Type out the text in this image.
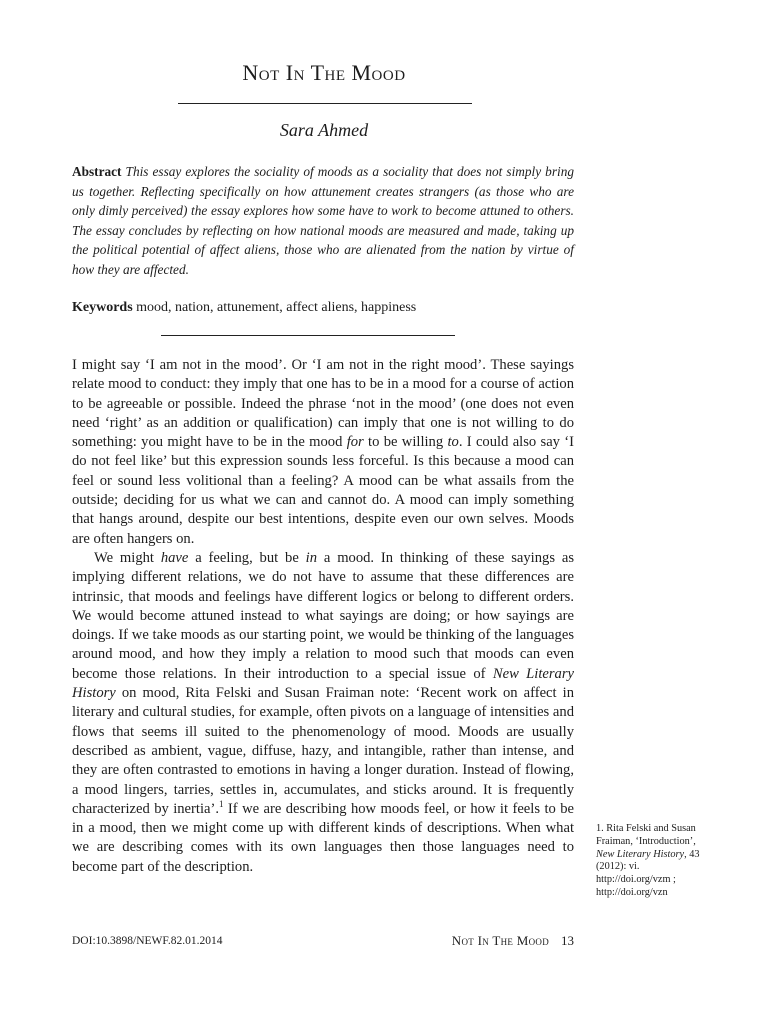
Not In The Mood
Sara Ahmed
Abstract This essay explores the sociality of moods as a sociality that does not simply bring us together. Reflecting specifically on how attunement creates strangers (as those who are only dimly perceived) the essay explores how some have to work to become attuned to others. The essay concludes by reflecting on how national moods are measured and made, taking up the political potential of affect aliens, those who are alienated from the nation by virtue of how they are affected.
Keywords mood, nation, attunement, affect aliens, happiness

I might say ‘I am not in the mood’. Or ‘I am not in the right mood’. These sayings relate mood to conduct: they imply that one has to be in a mood for a course of action to be agreeable or possible. Indeed the phrase ‘not in the mood’ (one does not even need ‘right’ as an addition or qualification) can imply that one is not willing to do something: you might have to be in the mood for to be willing to. I could also say ‘I do not feel like’ but this expression sounds less forceful. Is this because a mood can feel or sound less volitional than a feeling? A mood can be what assails from the outside; deciding for us what we can and cannot do. A mood can imply something that hangs around, despite our best intentions, despite even our own selves. Moods are often hangers on.

We might have a feeling, but be in a mood. In thinking of these sayings as implying different relations, we do not have to assume that these differences are intrinsic, that moods and feelings have different logics or belong to different orders. We would become attuned instead to what sayings are doing; or how sayings are doings. If we take moods as our starting point, we would be thinking of the languages around mood, and how they imply a relation to mood such that moods can even become those relations. In their introduction to a special issue of New Literary History on mood, Rita Felski and Susan Fraiman note: ‘Recent work on affect in literary and cultural studies, for example, often pivots on a language of intensities and flows that seems ill suited to the phenomenology of mood. Moods are usually described as ambient, vague, diffuse, hazy, and intangible, rather than intense, and they are often contrasted to emotions in having a longer duration. Instead of flowing, a mood lingers, tarries, settles in, accumulates, and sticks around. It is frequently characterized by inertia’.$^1$ If we are describing how moods feel, or how it feels to be in a mood, then we might come up with different kinds of descriptions. When what we are describing comes with its own languages then those languages need to become part of the description.

1. Rita Felski and Susan Fraiman, ‘Introduction’, New Literary History, 43 (2012): vi. http://doi.org/vzm ; http://doi.org/vzn
DOI:10.3898/NEWF.82.01.2014	Not In The Mood 13
